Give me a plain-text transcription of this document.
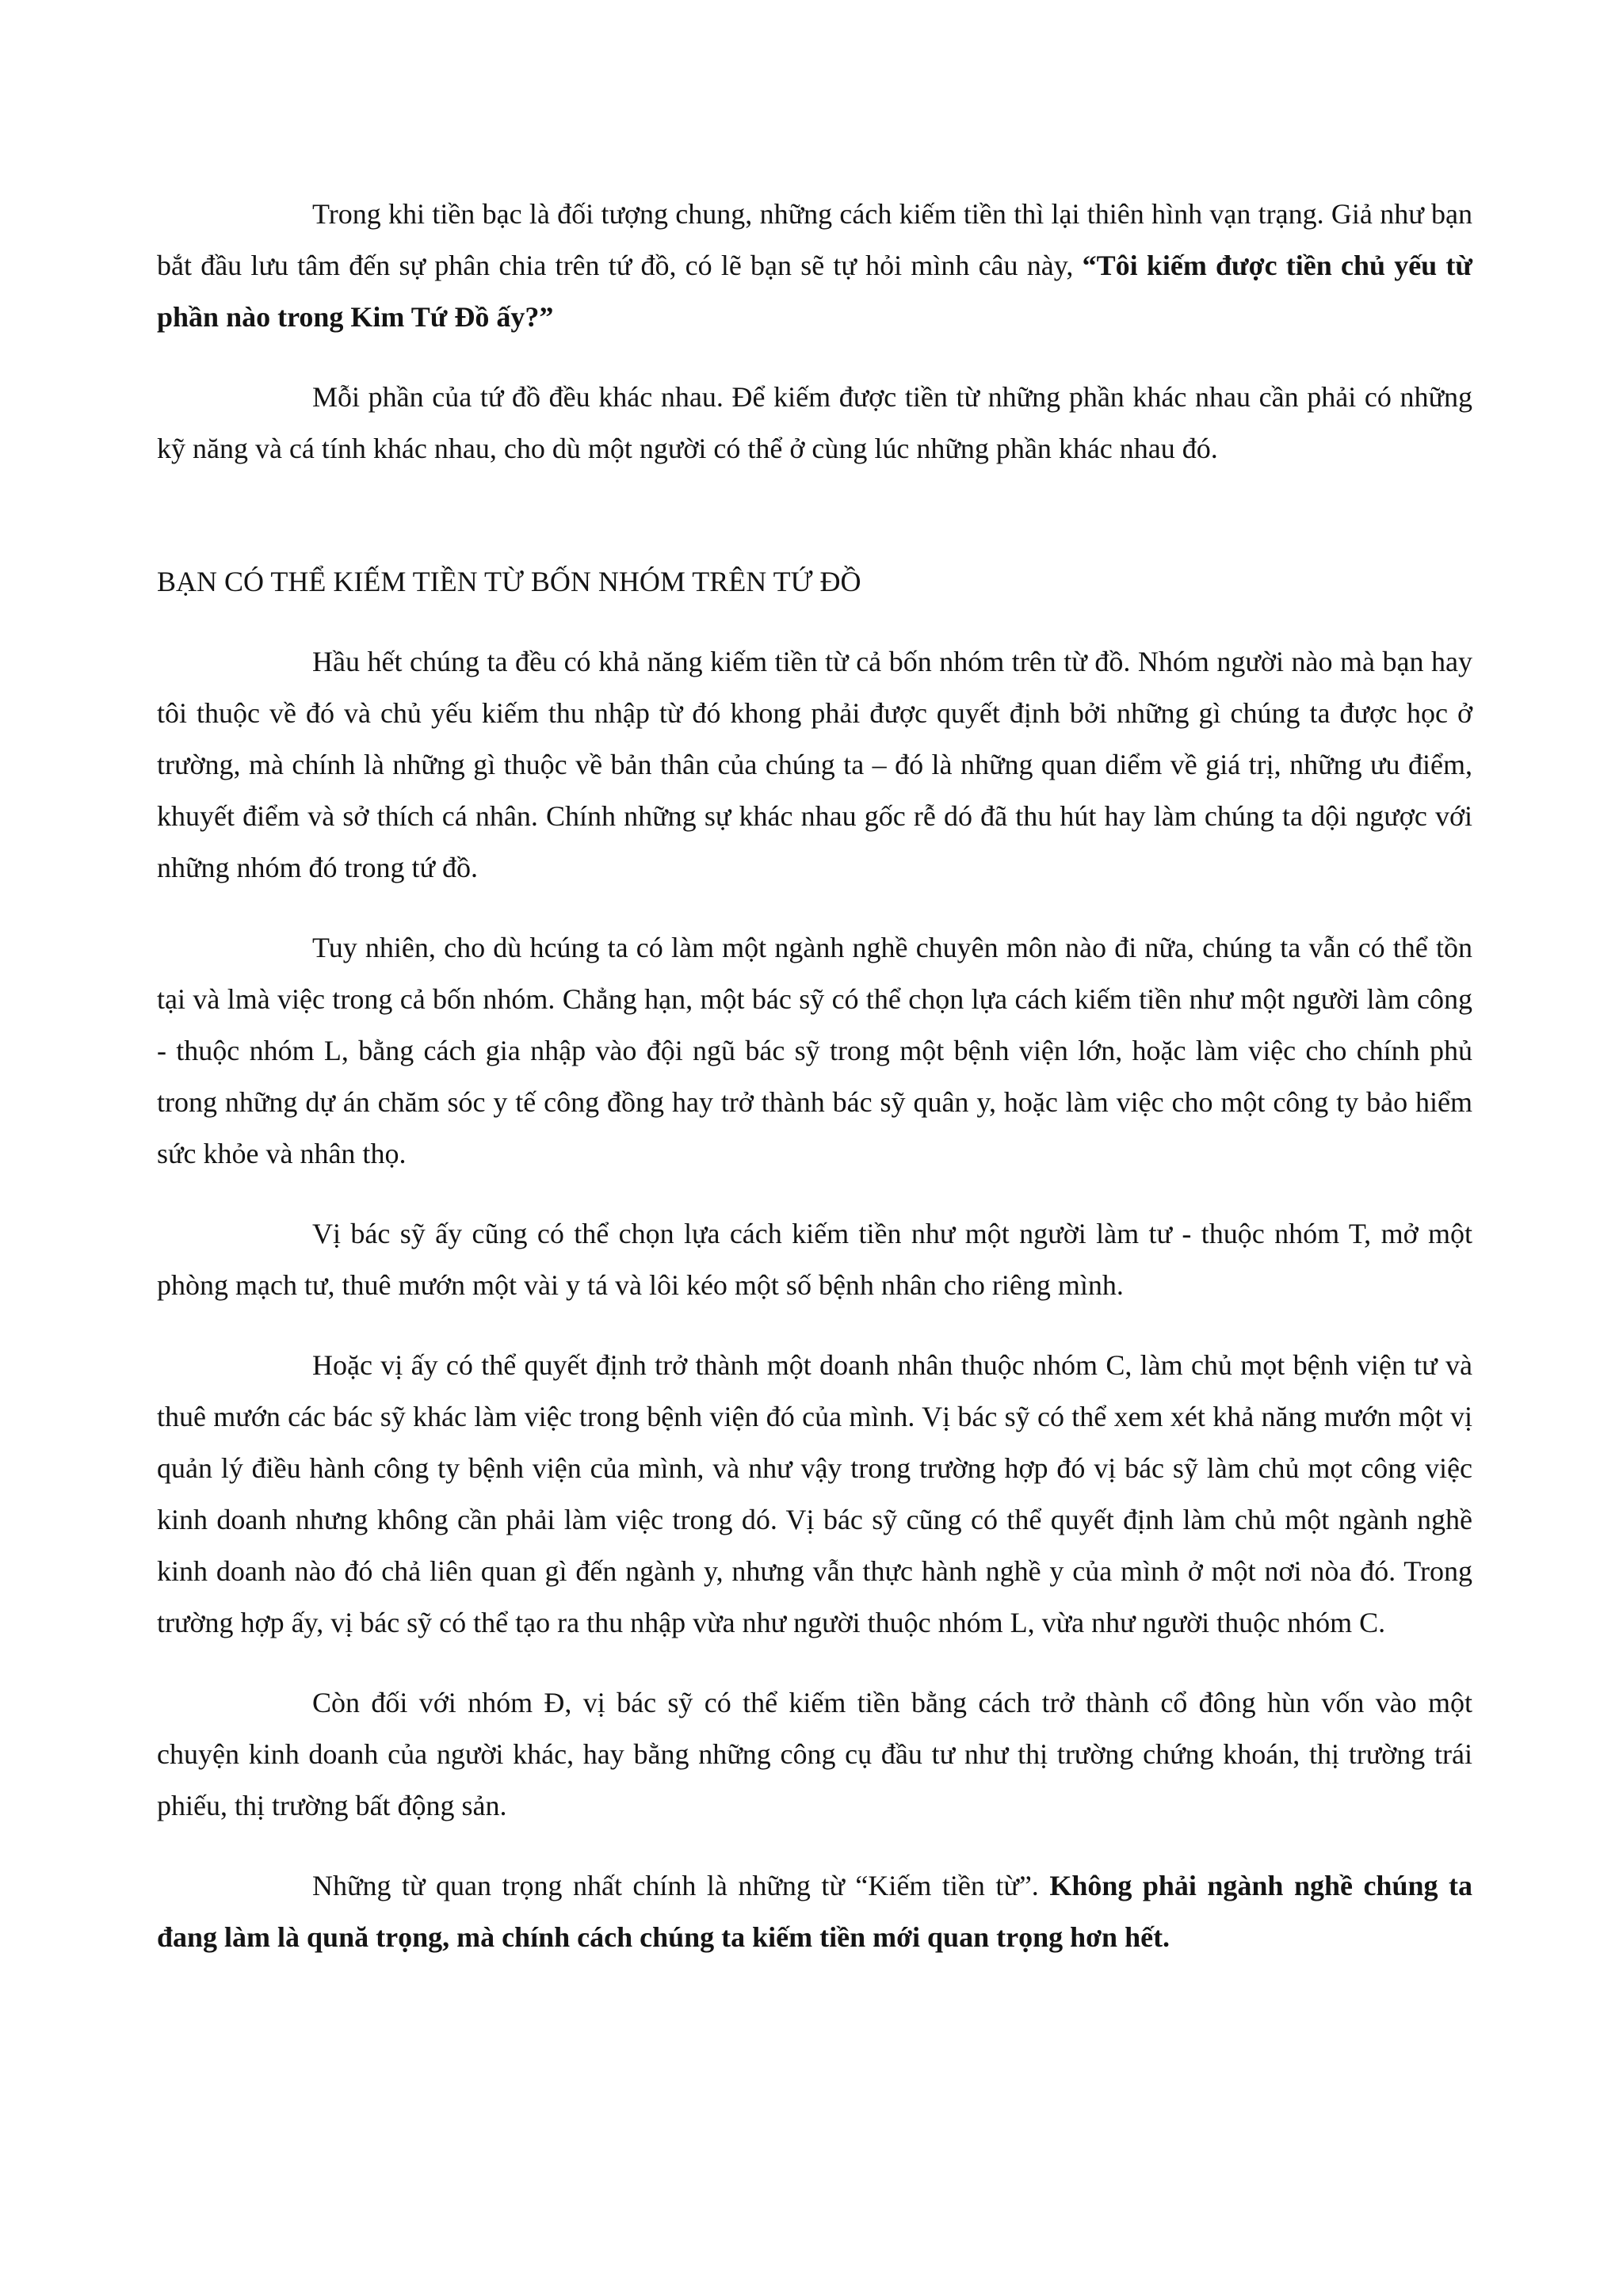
Trong khi tiền bạc là đối tượng chung, những cách kiếm tiền thì lại thiên hình vạn trạng. Giả như bạn bắt đầu lưu tâm đến sự phân chia trên tứ đồ, có lẽ bạn sẽ tự hỏi mình câu này, “Tôi kiếm được tiền chủ yếu từ phần nào trong Kim Tứ Đồ ấy?”

Mỗi phần của tứ đồ đều khác nhau. Để kiếm được tiền từ những phần khác nhau cần phải có những kỹ năng và cá tính khác nhau, cho dù một người có thể ở cùng lúc những phần khác nhau đó.

BẠN CÓ THỂ KIẾM TIỀN TỪ BỐN NHÓM TRÊN TỨ ĐỒ

Hầu hết chúng ta đều có khả năng kiếm tiền từ cả bốn nhóm trên từ đồ. Nhóm người nào mà bạn hay tôi thuộc về đó và chủ yếu kiếm thu nhập từ đó khong phải được quyết định bởi những gì chúng ta được học ở trường, mà chính là những gì thuộc về bản thân của chúng ta – đó là những quan diểm về giá trị, những ưu điểm, khuyết điểm và sở thích cá nhân. Chính những sự khác nhau gốc rễ dó đã thu hút hay làm chúng ta dội ngược với những nhóm đó trong tứ đồ.

Tuy nhiên, cho dù hcúng ta có làm một ngành nghề chuyên môn nào đi nữa, chúng ta vẫn có thể tồn tại và lmà việc trong cả bốn nhóm. Chẳng hạn, một bác sỹ có thể chọn lựa cách kiếm tiền như một người làm công - thuộc nhóm L, bằng cách gia nhập vào đội ngũ bác sỹ trong một bệnh viện lớn, hoặc làm việc cho chính phủ trong những dự án chăm sóc y tế công đồng hay trở thành bác sỹ quân y, hoặc làm việc cho một công ty bảo hiểm sức khỏe và nhân thọ.

Vị bác sỹ ấy cũng có thể chọn lựa cách kiếm tiền như một người làm tư - thuộc nhóm T, mở một phòng mạch tư, thuê mướn một vài y tá và lôi kéo một số bệnh nhân cho riêng mình.

Hoặc vị ấy có thể quyết định trở thành một doanh nhân thuộc nhóm C, làm chủ mọt bệnh viện tư và thuê mướn các bác sỹ khác làm việc trong bệnh viện đó của mình. Vị bác sỹ có thể xem xét khả năng mướn một vị quản lý điều hành công ty bệnh viện của mình, và như vậy trong trường hợp đó vị bác sỹ làm chủ mọt công việc kinh doanh nhưng không cần phải làm việc trong dó. Vị bác sỹ cũng có thể quyết định làm chủ một ngành nghề kinh doanh nào đó chả liên quan gì đến ngành y, nhưng vẫn thực hành nghề y của mình ở một nơi nòa đó. Trong trường hợp ấy, vị bác sỹ có thể tạo ra thu nhập vừa như người thuộc nhóm L, vừa như người thuộc nhóm C.

Còn đối với nhóm Đ, vị bác sỹ có thể kiếm tiền bằng cách trở thành cổ đông hùn vốn vào một chuyện kinh doanh của người khác, hay bằng những công cụ đầu tư như thị trường chứng khoán, thị trường trái phiếu, thị trường bất động sản.

Những từ quan trọng nhất chính là những từ “Kiếm tiền từ”. Không phải ngành nghề chúng ta đang làm là qună trọng, mà chính cách chúng ta kiếm tiền mới quan trọng hơn hết.
